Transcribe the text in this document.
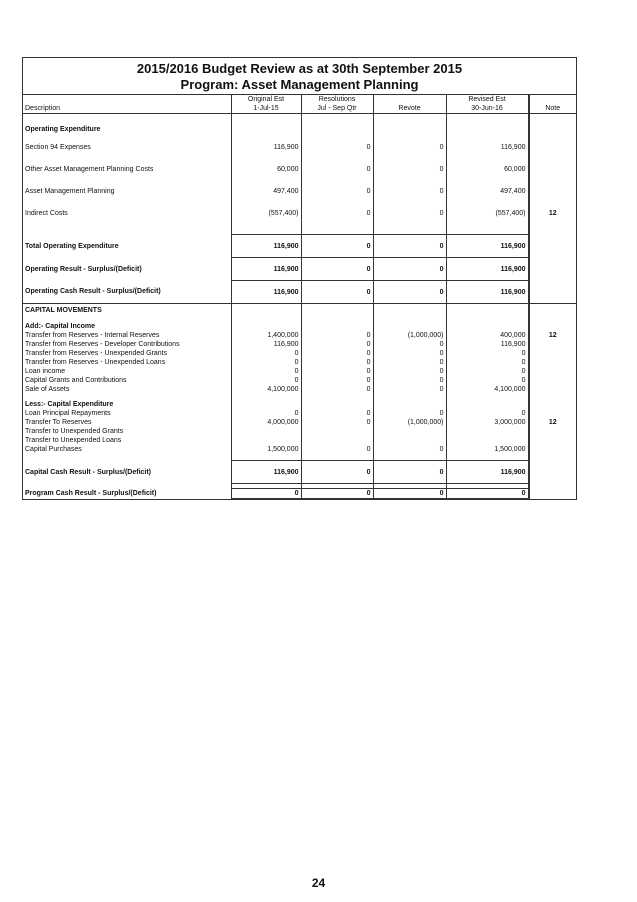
2015/2016 Budget Review as at 30th September 2015
Program: Asset Management Planning
	Original Est	Resolutions		Revised Est		
Description	1-Jul-15	Jul - Sep Qtr	Revote	30-Jun-16		Note

Operating Expenditure						
Section 94 Expenses	116,900	0	0	116,900		
Other Asset Management Planning Costs	60,000	0	0	60,000		
Asset Management Planning	497,400	0	0	497,400		
Indirect Costs	(557,400)	0	0	(557,400)		12

Total Operating Expenditure	116,900	0	0	116,900		
Operating Result - Surplus/(Deficit)	116,900	0	0	116,900		
Operating Cash Result - Surplus/(Deficit)	116,900	0	0	116,900		
CAPITAL MOVEMENTS						

Add:- Capital Income						
Transfer from Reserves - Internal Reserves	1,400,000	0	(1,000,000)	400,000		12
Transfer from Reserves - Developer Contributions	116,900	0	0	116,900		
Transfer from Reserves - Unexpended Grants	0	0	0	0		
Transfer from Reserves - Unexpended Loans	0	0	0	0		
Loan income	0	0	0	0		
Capital Grants and Contributions	0	0	0	0		
Sale of Assets	4,100,000	0	0	4,100,000		

Less:- Capital Expenditure						
Loan Principal Repayments	0	0	0	0		
Transfer To Reserves	4,000,000	0	(1,000,000)	3,000,000		12
Transfer to Unexpended Grants						
Transfer to Unexpended Loans						
Capital Purchases	1,500,000	0	0	1,500,000		

Capital Cash Result - Surplus/(Deficit)	116,900	0	0	116,900		

Program Cash Result - Surplus/(Deficit)	0	0	0	0		
24
